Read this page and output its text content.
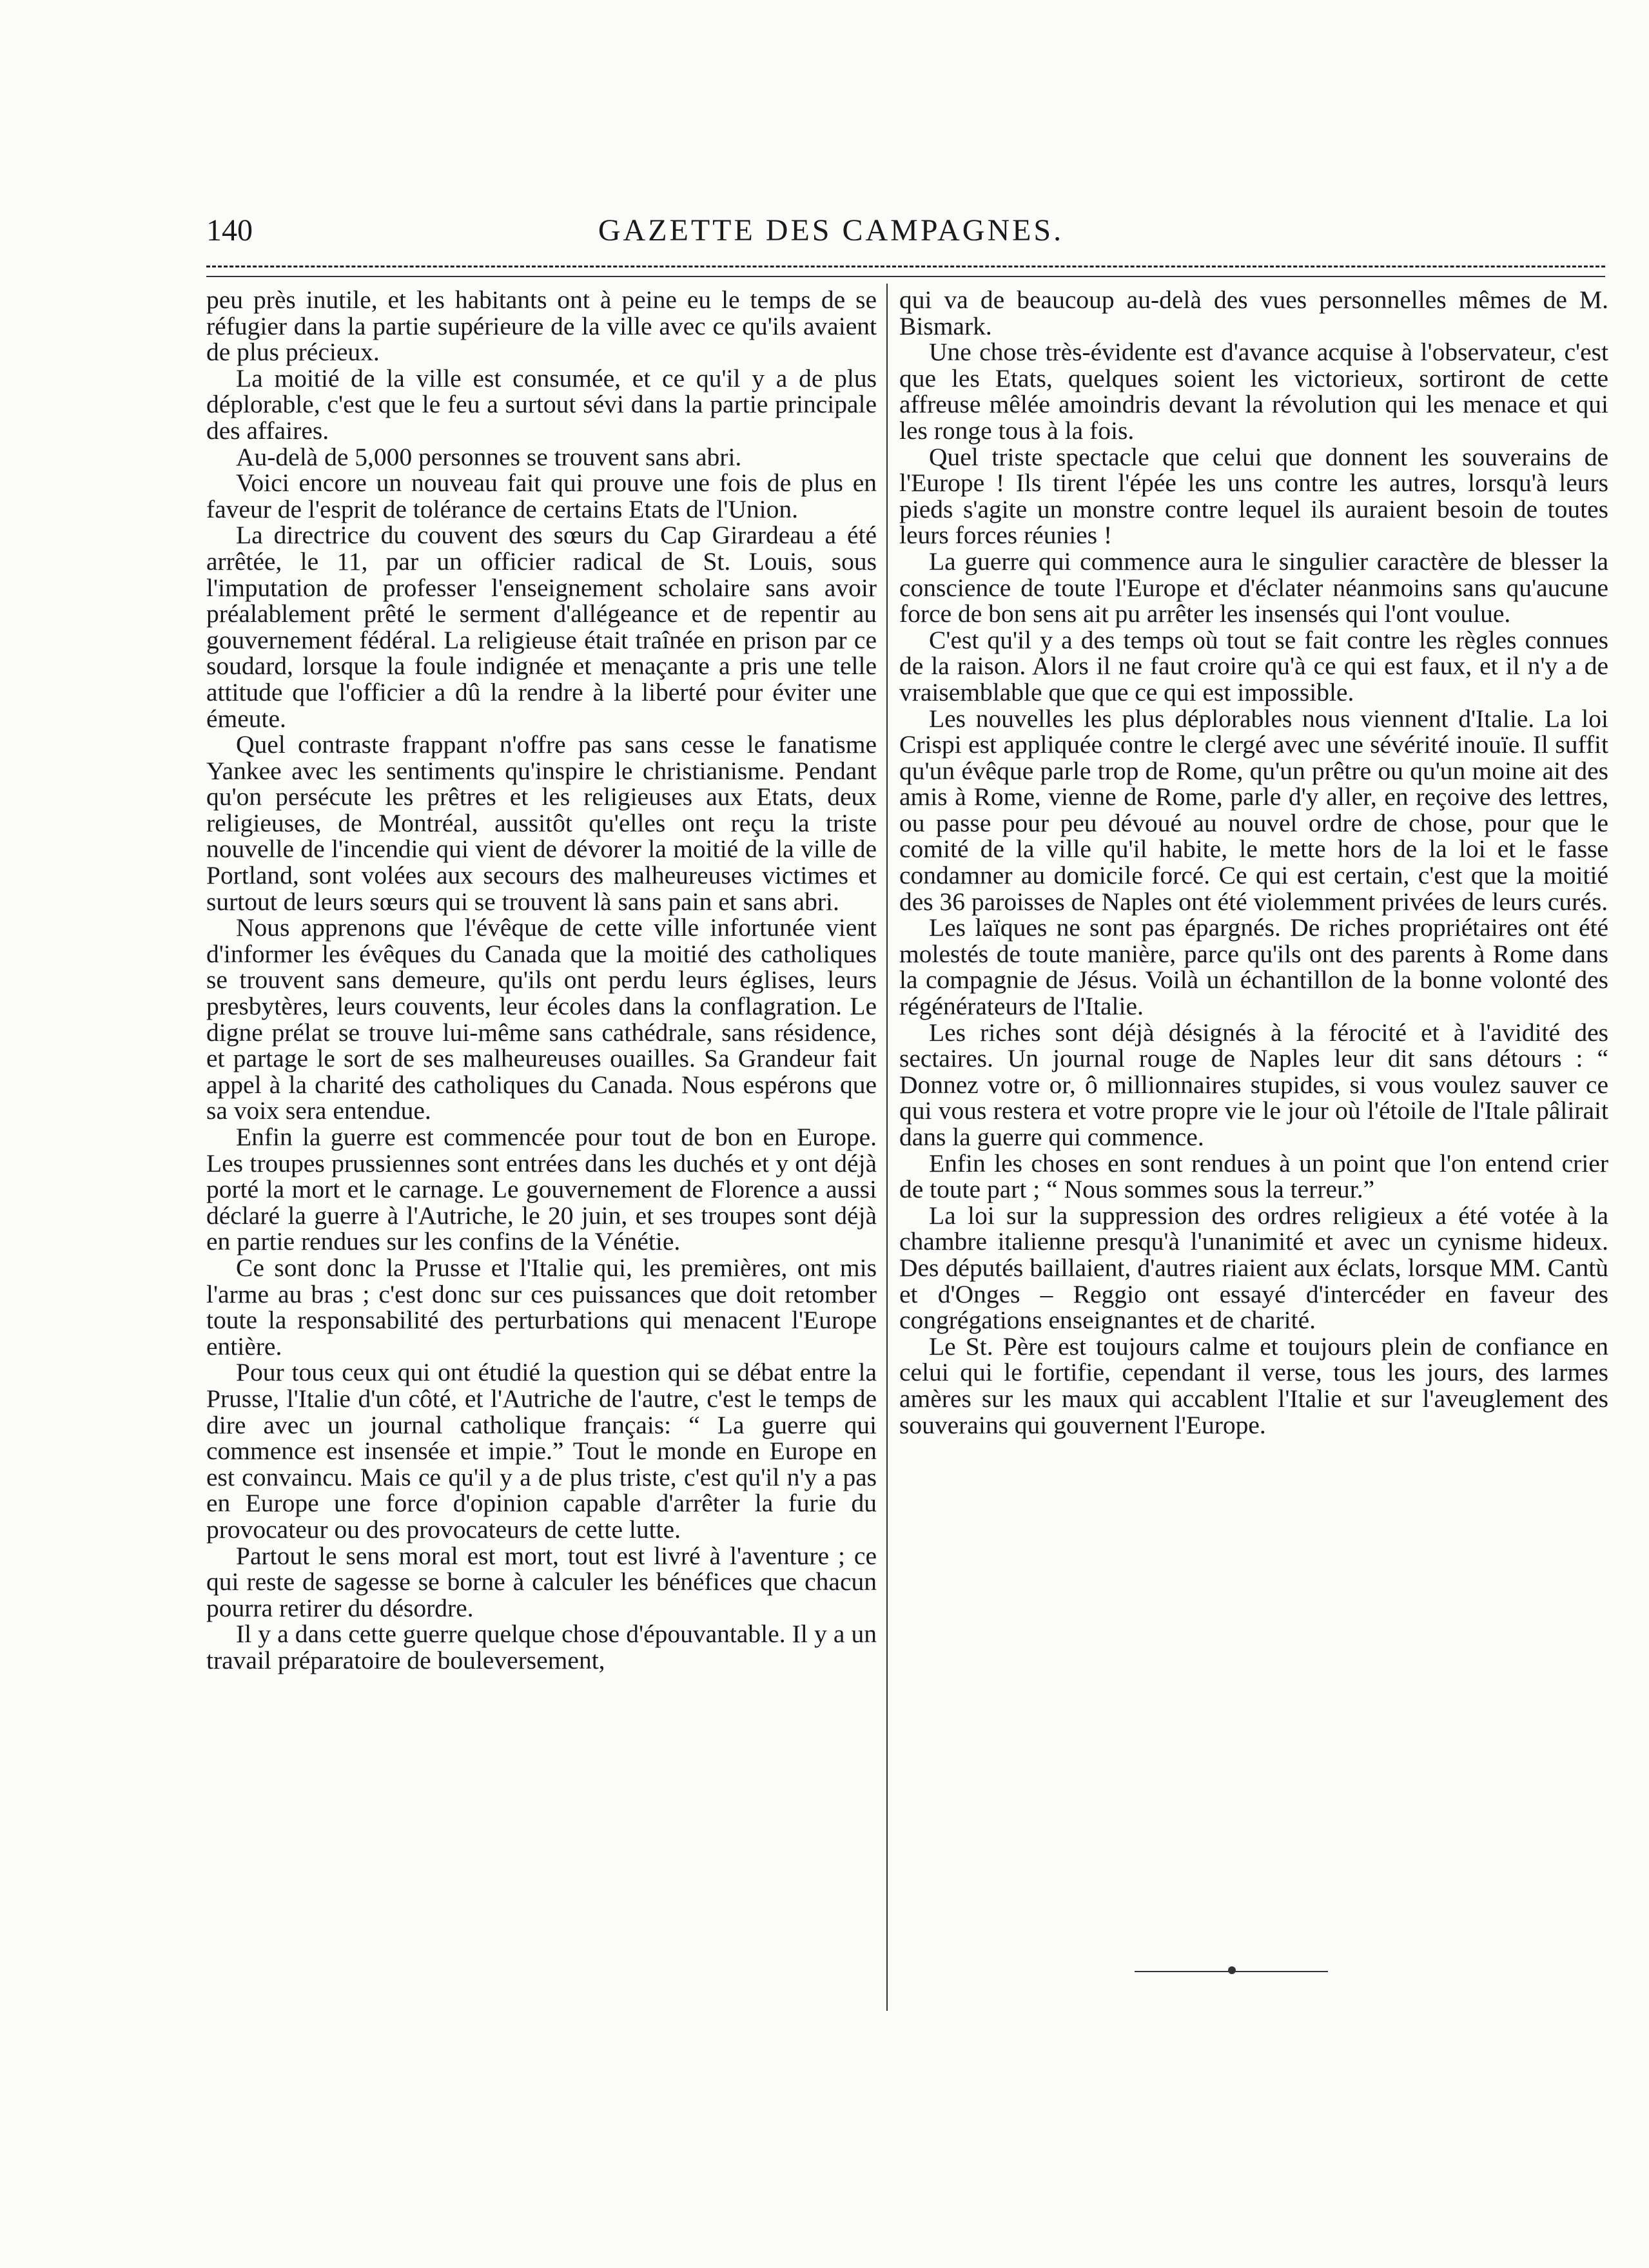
140	GAZETTE DES CAMPAGNES.

peu près inutile, et les habitants ont à peine eu le temps de se réfugier dans la partie supérieure de la ville avec ce qu'ils avaient de plus précieux.

La moitié de la ville est consumée, et ce qu'il y a de plus déplorable, c'est que le feu a surtout sévi dans la partie principale des affaires.

Au-delà de 5,000 personnes se trouvent sans abri.

Voici encore un nouveau fait qui prouve une fois de plus en faveur de l'esprit de tolérance de certains Etats de l'Union.

La directrice du couvent des sœurs du Cap Girardeau a été arrêtée, le 11, par un officier radical de St. Louis, sous l'imputation de professer l'enseignement scholaire sans avoir préalablement prêté le serment d'allégeance et de repentir au gouvernement fédéral. La religieuse était traînée en prison par ce soudard, lorsque la foule indignée et menaçante a pris une telle attitude que l'officier a dû la rendre à la liberté pour éviter une émeute.

Quel contraste frappant n'offre pas sans cesse le fanatisme Yankee avec les sentiments qu'inspire le christianisme. Pendant qu'on persécute les prêtres et les religieuses aux Etats, deux religieuses, de Montréal, aussitôt qu'elles ont reçu la triste nouvelle de l'incendie qui vient de dévorer la moitié de la ville de Portland, sont volées aux secours des malheureuses victimes et surtout de leurs sœurs qui se trouvent là sans pain et sans abri.

Nous apprenons que l'évêque de cette ville infortunée vient d'informer les évêques du Canada que la moitié des catholiques se trouvent sans demeure, qu'ils ont perdu leurs églises, leurs presbytères, leurs couvents, leur écoles dans la conflagration. Le digne prélat se trouve lui-même sans cathédrale, sans résidence, et partage le sort de ses malheureuses ouailles. Sa Grandeur fait appel à la charité des catholiques du Canada. Nous espérons que sa voix sera entendue.

Enfin la guerre est commencée pour tout de bon en Europe. Les troupes prussiennes sont entrées dans les duchés et y ont déjà porté la mort et le carnage. Le gouvernement de Florence a aussi déclaré la guerre à l'Autriche, le 20 juin, et ses troupes sont déjà en partie rendues sur les confins de la Vénétie.

Ce sont donc la Prusse et l'Italie qui, les premières, ont mis l'arme au bras ; c'est donc sur ces puissances que doit retomber toute la responsabilité des perturbations qui menacent l'Europe entière.

Pour tous ceux qui ont étudié la question qui se débat entre la Prusse, l'Italie d'un côté, et l'Autriche de l'autre, c'est le temps de dire avec un journal catholique français: “ La guerre qui commence est insensée et impie.” Tout le monde en Europe en est convaincu. Mais ce qu'il y a de plus triste, c'est qu'il n'y a pas en Europe une force d'opinion capable d'arrêter la furie du provocateur ou des provocateurs de cette lutte.

Partout le sens moral est mort, tout est livré à l'aventure ; ce qui reste de sagesse se borne à calculer les bénéfices que chacun pourra retirer du désordre.

Il y a dans cette guerre quelque chose d'épouvantable. Il y a un travail préparatoire de bouleversement,

qui va de beaucoup au-delà des vues personnelles mêmes de M. Bismark.

Une chose très-évidente est d'avance acquise à l'observateur, c'est que les Etats, quelques soient les victorieux, sortiront de cette affreuse mêlée amoindris devant la révolution qui les menace et qui les ronge tous à la fois.

Quel triste spectacle que celui que donnent les souverains de l'Europe ! Ils tirent l'épée les uns contre les autres, lorsqu'à leurs pieds s'agite un monstre contre lequel ils auraient besoin de toutes leurs forces réunies !

La guerre qui commence aura le singulier caractère de blesser la conscience de toute l'Europe et d'éclater néanmoins sans qu'aucune force de bon sens ait pu arrêter les insensés qui l'ont voulue.

C'est qu'il y a des temps où tout se fait contre les règles connues de la raison. Alors il ne faut croire qu'à ce qui est faux, et il n'y a de vraisemblable que que ce qui est impossible.

Les nouvelles les plus déplorables nous viennent d'Italie. La loi Crispi est appliquée contre le clergé avec une sévérité inouïe. Il suffit qu'un évêque parle trop de Rome, qu'un prêtre ou qu'un moine ait des amis à Rome, vienne de Rome, parle d'y aller, en reçoive des lettres, ou passe pour peu dévoué au nouvel ordre de chose, pour que le comité de la ville qu'il habite, le mette hors de la loi et le fasse condamner au domicile forcé. Ce qui est certain, c'est que la moitié des 36 paroisses de Naples ont été violemment privées de leurs curés.

Les laïques ne sont pas épargnés. De riches propriétaires ont été molestés de toute manière, parce qu'ils ont des parents à Rome dans la compagnie de Jésus. Voilà un échantillon de la bonne volonté des régénérateurs de l'Italie.

Les riches sont déjà désignés à la férocité et à l'avidité des sectaires. Un journal rouge de Naples leur dit sans détours : “ Donnez votre or, ô millionnaires stupides, si vous voulez sauver ce qui vous restera et votre propre vie le jour où l'étoile de l'Itale pâlirait dans la guerre qui commence.

Enfin les choses en sont rendues à un point que l'on entend crier de toute part ; “ Nous sommes sous la terreur.”

La loi sur la suppression des ordres religieux a été votée à la chambre italienne presqu'à l'unanimité et avec un cynisme hideux. Des députés baillaient, d'autres riaient aux éclats, lorsque MM. Cantù et d'Onges – Reggio ont essayé d'intercéder en faveur des congrégations enseignantes et de charité.

Le St. Père est toujours calme et toujours plein de confiance en celui qui le fortifie, cependant il verse, tous les jours, des larmes amères sur les maux qui accablent l'Italie et sur l'aveuglement des souverains qui gouvernent l'Europe.
